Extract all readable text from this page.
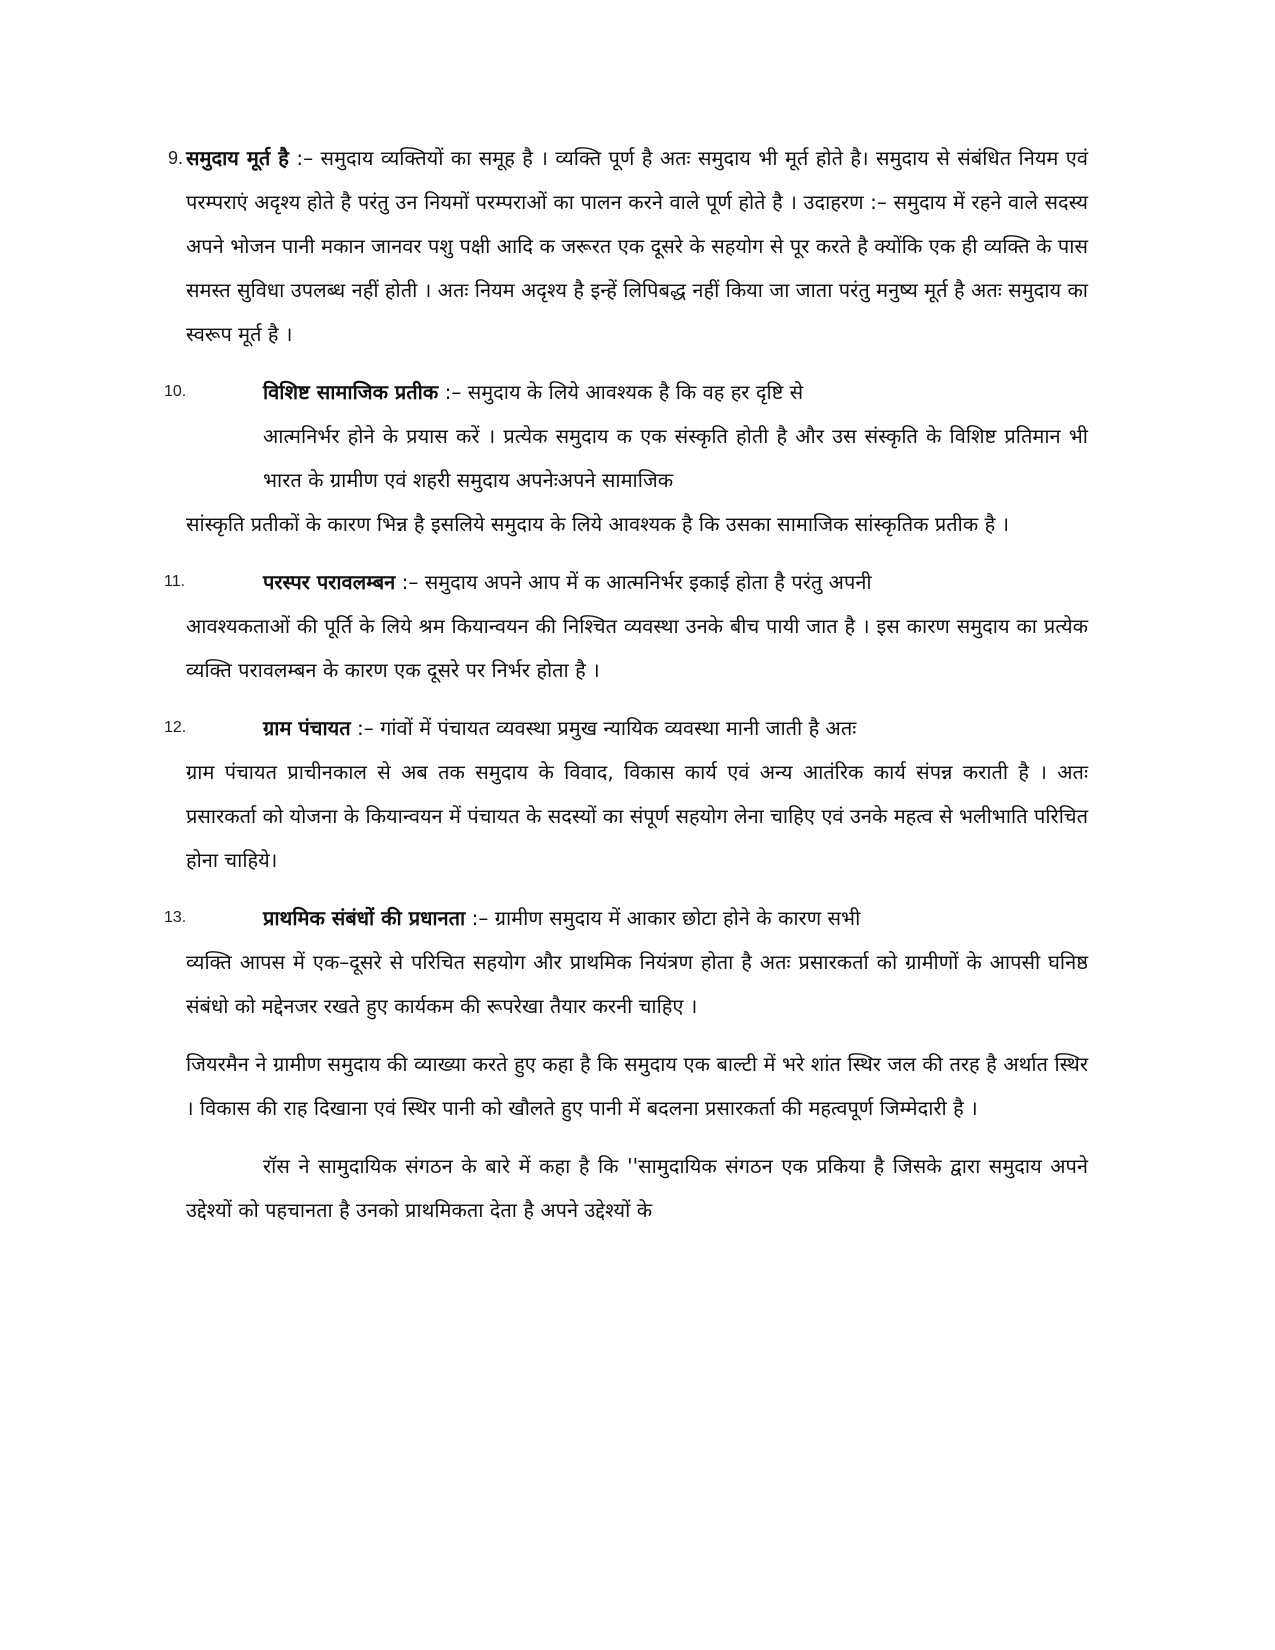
9. समुदाय मूर्त है :– समुदाय व्यक्तियों का समूह है । व्यक्ति पूर्ण है अतः समुदाय भी मूर्त होते है। समुदाय से संबंधित नियम एवं परम्पराएं अदृश्य होते है परंतु उन नियमों परम्पराओं का पालन करने वाले पूर्ण होते है । उदाहरण :– समुदाय में रहने वाले सदस्य अपने भोजन पानी मकान जानवर पशु पक्षी आदि क जरूरत एक दूसरे के सहयोग से पूर करते है क्योंकि एक ही व्यक्ति के पास समस्त सुविधा उपलब्ध नहीं होती । अतः नियम अदृश्य है इन्हें लिपिबद्ध नहीं किया जा जाता परंतु मनुष्य मूर्त है अतः समुदाय का स्वरूप मूर्त है ।

10.	विशिष्ट सामाजिक प्रतीक :– समुदाय के लिये आवश्यक है कि वह हर दृष्टि से

आत्मनिर्भर होने के प्रयास करें । प्रत्येक समुदाय क एक संस्कृति होती है और उस संस्कृति के विशिष्ट प्रतिमान भी भारत के ग्रामीण एवं शहरी समुदाय अपनेःअपने सामाजिक

सांस्कृति प्रतीकों के कारण भिन्न है इसलिये समुदाय के लिये आवश्यक है कि उसका सामाजिक सांस्कृतिक प्रतीक है ।

11.	परस्पर परावलम्बन :– समुदाय अपने आप में क आत्मनिर्भर इकाई होता है परंतु अपनी

आवश्यकताओं की पूर्ति के लिये श्रम कियान्वयन की निश्चित व्यवस्था उनके बीच पायी जात है । इस कारण समुदाय का प्रत्येक व्यक्ति परावलम्बन के कारण एक दूसरे पर निर्भर होता है ।

12.	ग्राम पंचायत :– गांवों में पंचायत व्यवस्था प्रमुख न्यायिक व्यवस्था मानी जाती है अतः

ग्राम पंचायत प्राचीनकाल से अब तक समुदाय के विवाद, विकास कार्य एवं अन्य आतंरिक कार्य संपन्न कराती है । अतः प्रसारकर्ता को योजना के कियान्वयन में पंचायत के सदस्यों का संपूर्ण सहयोग लेना चाहिए एवं उनके महत्व से भलीभाति परिचित होना चाहिये।

13.	प्राथमिक संबंधों की प्रधानता :– ग्रामीण समुदाय में आकार छोटा होने के कारण सभी

व्यक्ति आपस में एक–दूसरे से परिचित सहयोग और प्राथमिक नियंत्रण होता है अतः प्रसारकर्ता को ग्रामीणों के आपसी घनिष्ठ संबंधो को मद्देनजर रखते हुए कार्यकम की रूपरेखा तैयार करनी चाहिए ।

जियरमैन ने ग्रामीण समुदाय की व्याख्या करते हुए कहा है कि समुदाय एक बाल्टी में भरे शांत स्थिर जल की तरह है अर्थात स्थिर । विकास की राह दिखाना एवं स्थिर पानी को खौलते हुए पानी में बदलना प्रसारकर्ता की महत्वपूर्ण जिम्मेदारी है ।

रॉस ने सामुदायिक संगठन के बारे में कहा है कि ''सामुदायिक संगठन एक प्रकिया है जिसके द्वारा समुदाय अपने उद्देश्यों को पहचानता है उनको प्राथमिकता देता है अपने उद्देश्यों के
